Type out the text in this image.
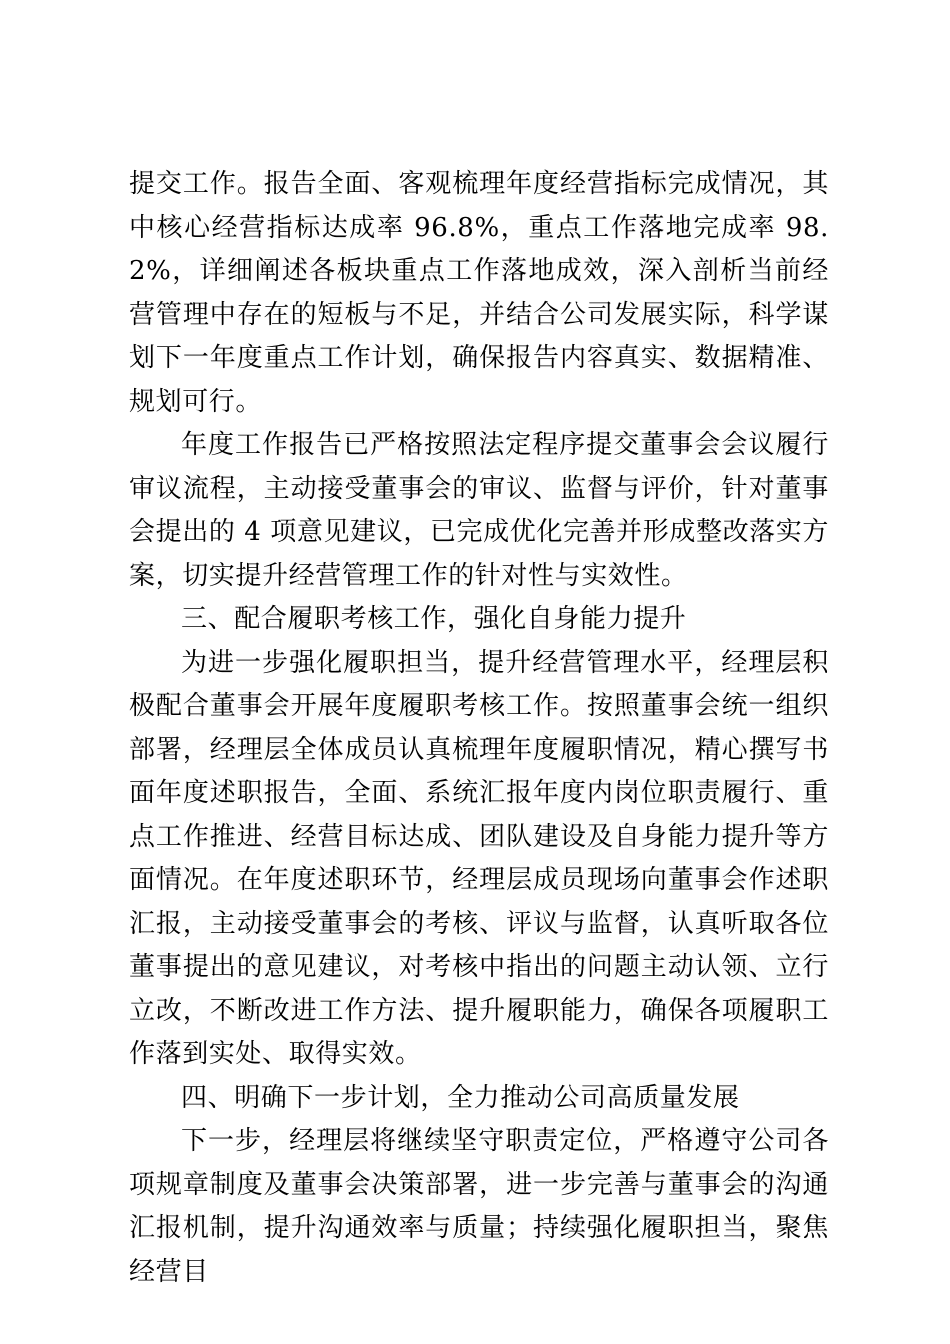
提交工作。报告全面、客观梳理年度经营指标完成情况，其中核心经营指标达成率 96.8%，重点工作落地完成率 98.2%，详细阐述各板块重点工作落地成效，深入剖析当前经营管理中存在的短板与不足，并结合公司发展实际，科学谋划下一年度重点工作计划，确保报告内容真实、数据精准、规划可行。

年度工作报告已严格按照法定程序提交董事会会议履行审议流程，主动接受董事会的审议、监督与评价，针对董事会提出的 4 项意见建议，已完成优化完善并形成整改落实方案，切实提升经营管理工作的针对性与实效性。

三、配合履职考核工作，强化自身能力提升

为进一步强化履职担当，提升经营管理水平，经理层积极配合董事会开展年度履职考核工作。按照董事会统一组织部署，经理层全体成员认真梳理年度履职情况，精心撰写书面年度述职报告，全面、系统汇报年度内岗位职责履行、重点工作推进、经营目标达成、团队建设及自身能力提升等方面情况。在年度述职环节，经理层成员现场向董事会作述职汇报，主动接受董事会的考核、评议与监督，认真听取各位董事提出的意见建议，对考核中指出的问题主动认领、立行立改，不断改进工作方法、提升履职能力，确保各项履职工作落到实处、取得实效。

四、明确下一步计划，全力推动公司高质量发展

下一步，经理层将继续坚守职责定位，严格遵守公司各项规章制度及董事会决策部署，进一步完善与董事会的沟通汇报机制，提升沟通效率与质量；持续强化履职担当，聚焦经营目
